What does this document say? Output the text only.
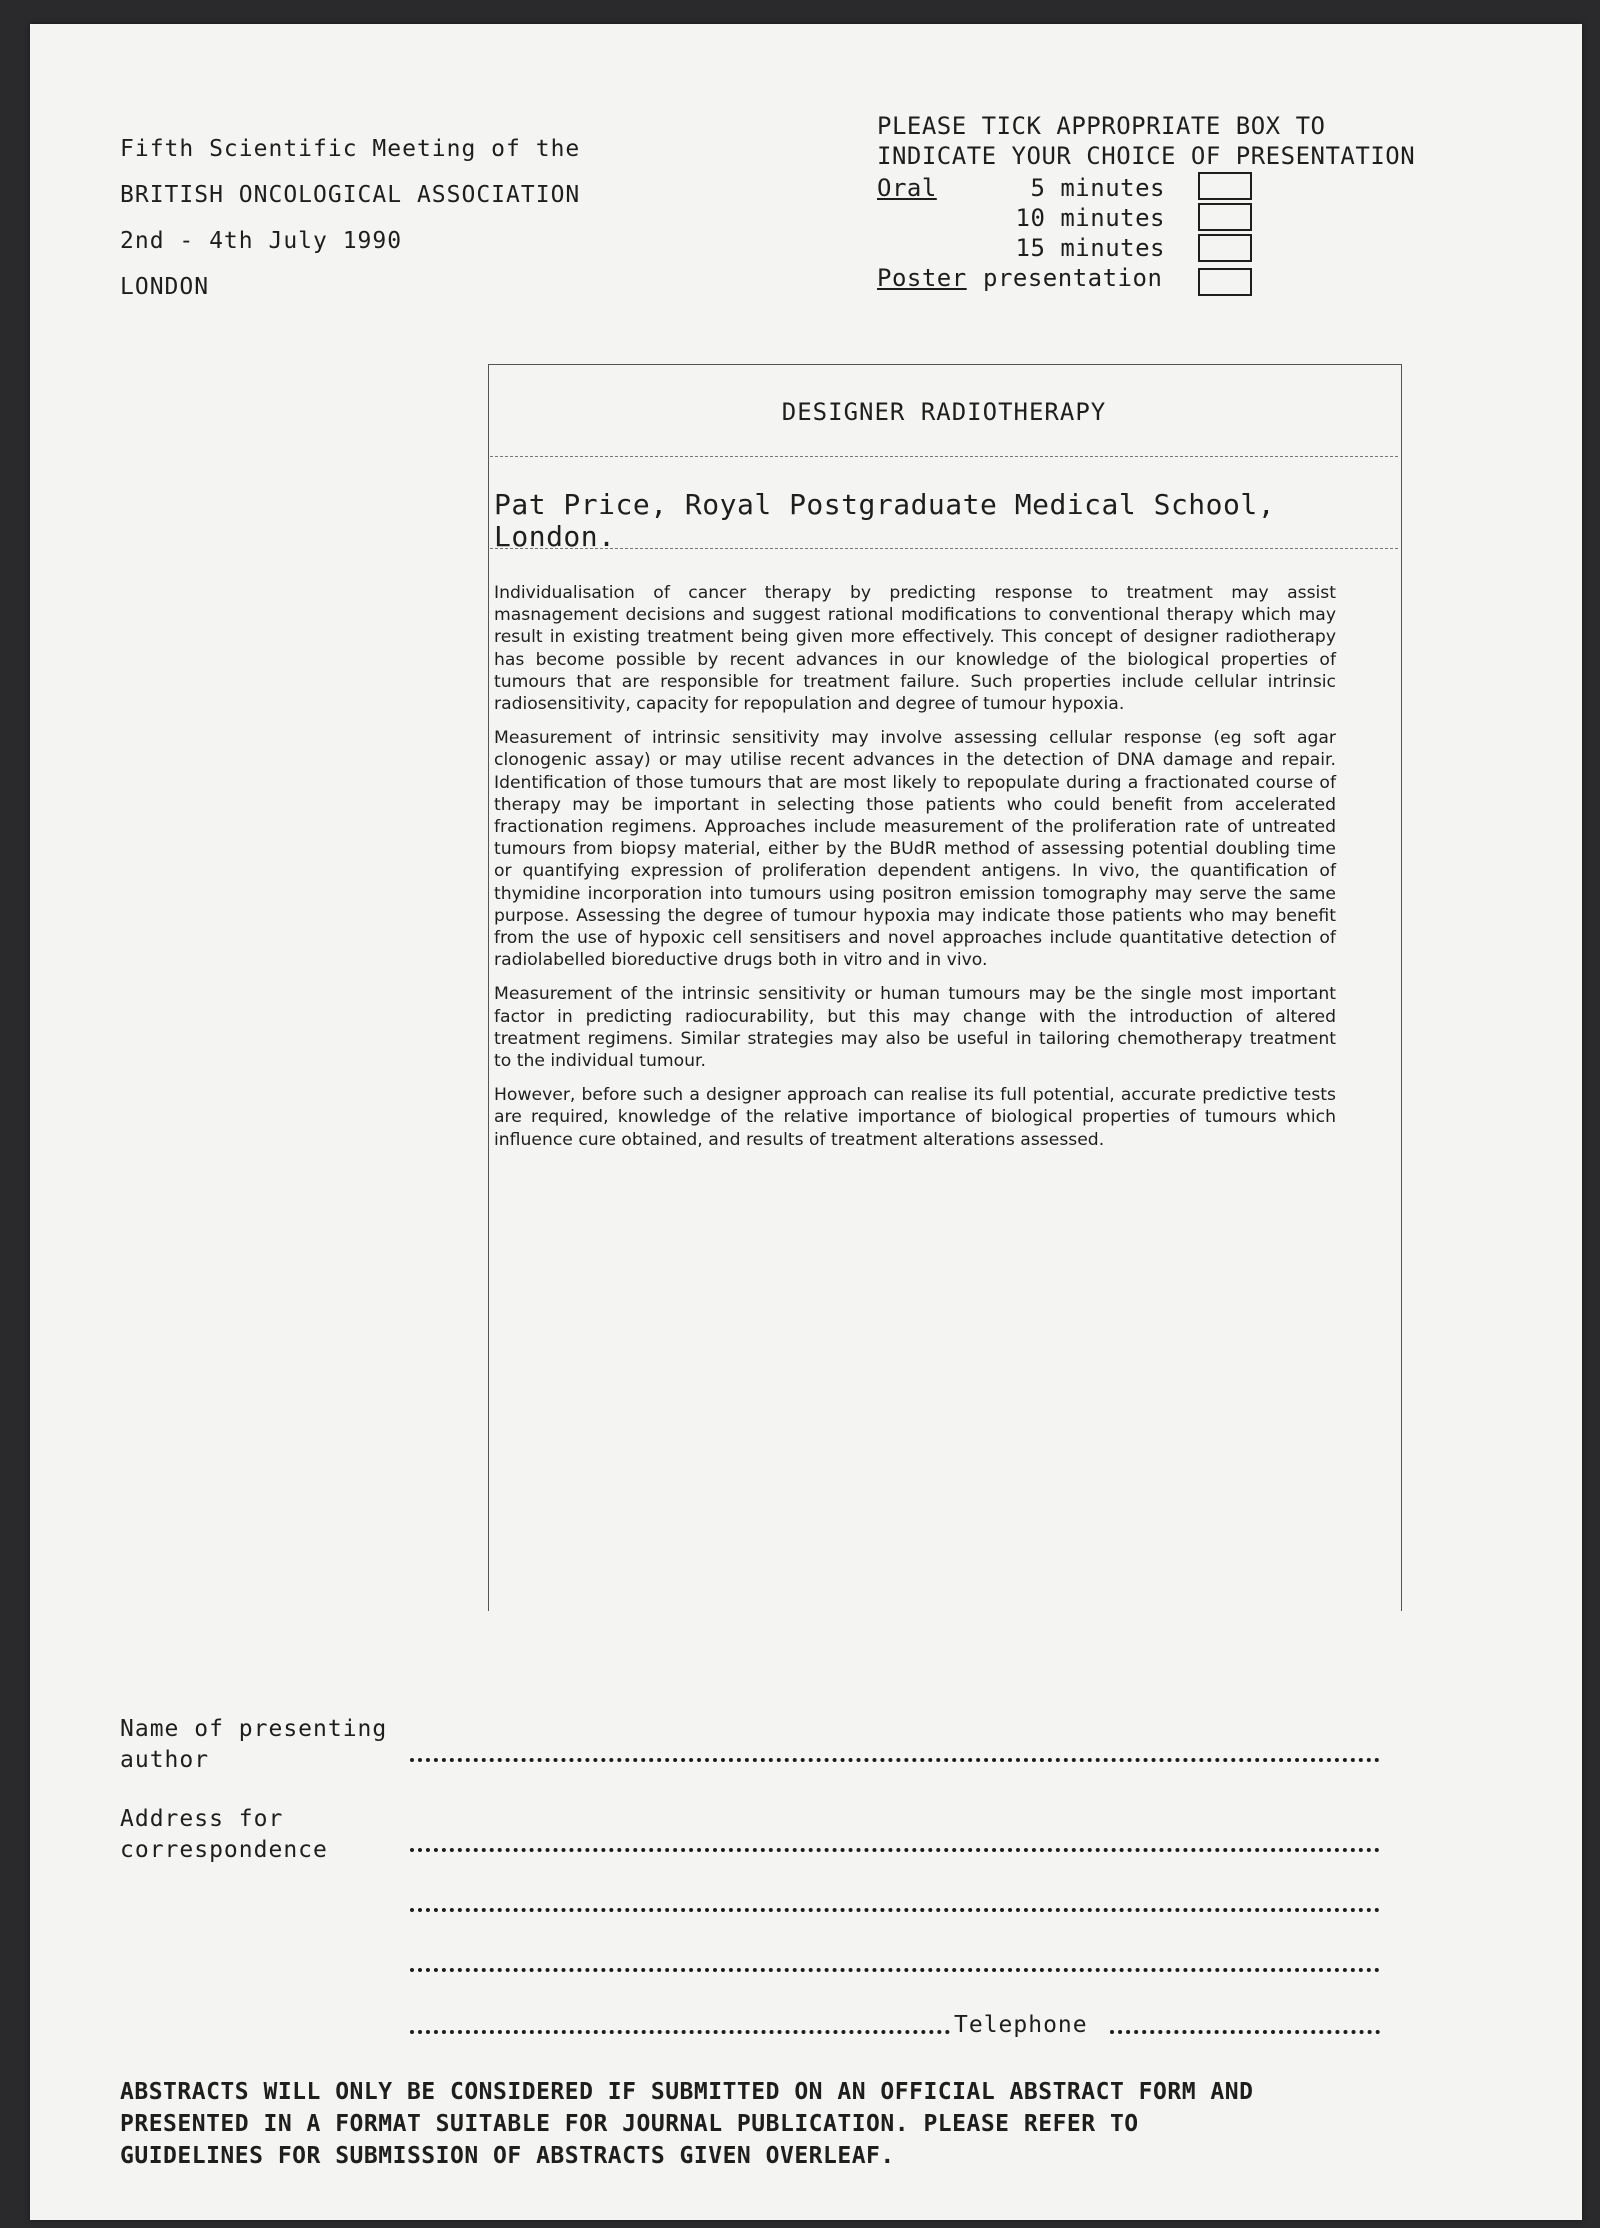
Fifth Scientific Meeting of the
BRITISH ONCOLOGICAL ASSOCIATION
2nd - 4th July 1990
LONDON
PLEASE TICK APPROPRIATE BOX TO
INDICATE YOUR CHOICE OF PRESENTATION
Oral	5 minutes
10 minutes
15 minutes
Poster presentation
DESIGNER RADIOTHERAPY
Pat Price, Royal Postgraduate Medical School,
London.

Individualisation of cancer therapy by predicting response to treatment may assist masnagement decisions and suggest rational modifications to conventional therapy which may result in existing treatment being given more effectively. This concept of designer radiotherapy has become possible by recent advances in our knowledge of the biological properties of tumours that are responsible for treatment failure. Such properties include cellular intrinsic radiosensitivity, capacity for repopulation and degree of tumour hypoxia.

Measurement of intrinsic sensitivity may involve assessing cellular response (eg soft agar clonogenic assay) or may utilise recent advances in the detection of DNA damage and repair. Identification of those tumours that are most likely to repopulate during a fractionated course of therapy may be important in selecting those patients who could benefit from accelerated fractionation regimens. Approaches include measurement of the proliferation rate of untreated tumours from biopsy material, either by the BUdR method of assessing potential doubling time or quantifying expression of proliferation dependent antigens. In vivo, the quantification of thymidine incorporation into tumours using positron emission tomography may serve the same purpose. Assessing the degree of tumour hypoxia may indicate those patients who may benefit from the use of hypoxic cell sensitisers and novel approaches include quantitative detection of radiolabelled bioreductive drugs both in vitro and in vivo.

Measurement of the intrinsic sensitivity or human tumours may be the single most important factor in predicting radiocurability, but this may change with the introduction of altered treatment regimens. Similar strategies may also be useful in tailoring chemotherapy treatment to the individual tumour.

However, before such a designer approach can realise its full potential, accurate predictive tests are required, knowledge of the relative importance of biological properties of tumours which influence cure obtained, and results of treatment alterations assessed.

Name of presenting
author
Address for
correspondence
Telephone
ABSTRACTS WILL ONLY BE CONSIDERED IF SUBMITTED ON AN OFFICIAL ABSTRACT FORM AND
PRESENTED IN A FORMAT SUITABLE FOR JOURNAL PUBLICATION. PLEASE REFER TO
GUIDELINES FOR SUBMISSION OF ABSTRACTS GIVEN OVERLEAF.
